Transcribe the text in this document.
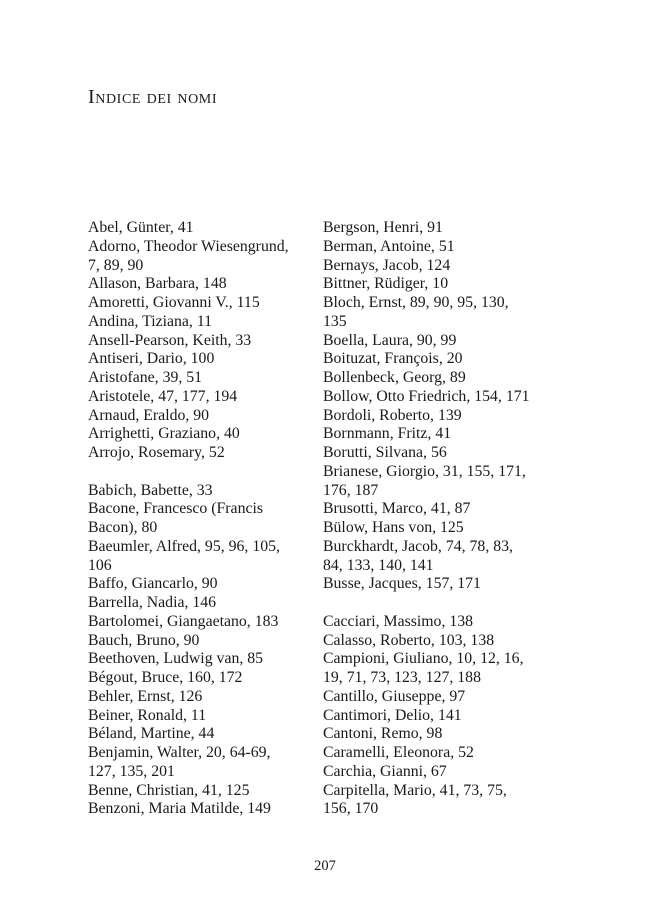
Indice dei nomi
Abel, Günter, 41
Adorno, Theodor Wiesengrund,
7, 89, 90
Allason, Barbara, 148
Amoretti, Giovanni V., 115
Andina, Tiziana, 11
Ansell-Pearson, Keith, 33
Antiseri, Dario, 100
Aristofane, 39, 51
Aristotele, 47, 177, 194
Arnaud, Eraldo, 90
Arrighetti, Graziano, 40
Arrojo, Rosemary, 52
Babich, Babette, 33
Bacone, Francesco (Francis
Bacon), 80
Baeumler, Alfred, 95, 96, 105,
106
Baffo, Giancarlo, 90
Barrella, Nadia, 146
Bartolomei, Giangaetano, 183
Bauch, Bruno, 90
Beethoven, Ludwig van, 85
Bégout, Bruce, 160, 172
Behler, Ernst, 126
Beiner, Ronald, 11
Béland, Martine, 44
Benjamin, Walter, 20, 64-69,
127, 135, 201
Benne, Christian, 41, 125
Benzoni, Maria Matilde, 149
Bergson, Henri, 91
Berman, Antoine, 51
Bernays, Jacob, 124
Bittner, Rüdiger, 10
Bloch, Ernst, 89, 90, 95, 130,
135
Boella, Laura, 90, 99
Boituzat, François, 20
Bollenbeck, Georg, 89
Bollow, Otto Friedrich, 154, 171
Bordoli, Roberto, 139
Bornmann, Fritz, 41
Borutti, Silvana, 56
Brianese, Giorgio, 31, 155, 171,
176, 187
Brusotti, Marco, 41, 87
Bülow, Hans von, 125
Burckhardt, Jacob, 74, 78, 83,
84, 133, 140, 141
Busse, Jacques, 157, 171
Cacciari, Massimo, 138
Calasso, Roberto, 103, 138
Campioni, Giuliano, 10, 12, 16,
19, 71, 73, 123, 127, 188
Cantillo, Giuseppe, 97
Cantimori, Delio, 141
Cantoni, Remo, 98
Caramelli, Eleonora, 52
Carchia, Gianni, 67
Carpitella, Mario, 41, 73, 75,
156, 170
207
